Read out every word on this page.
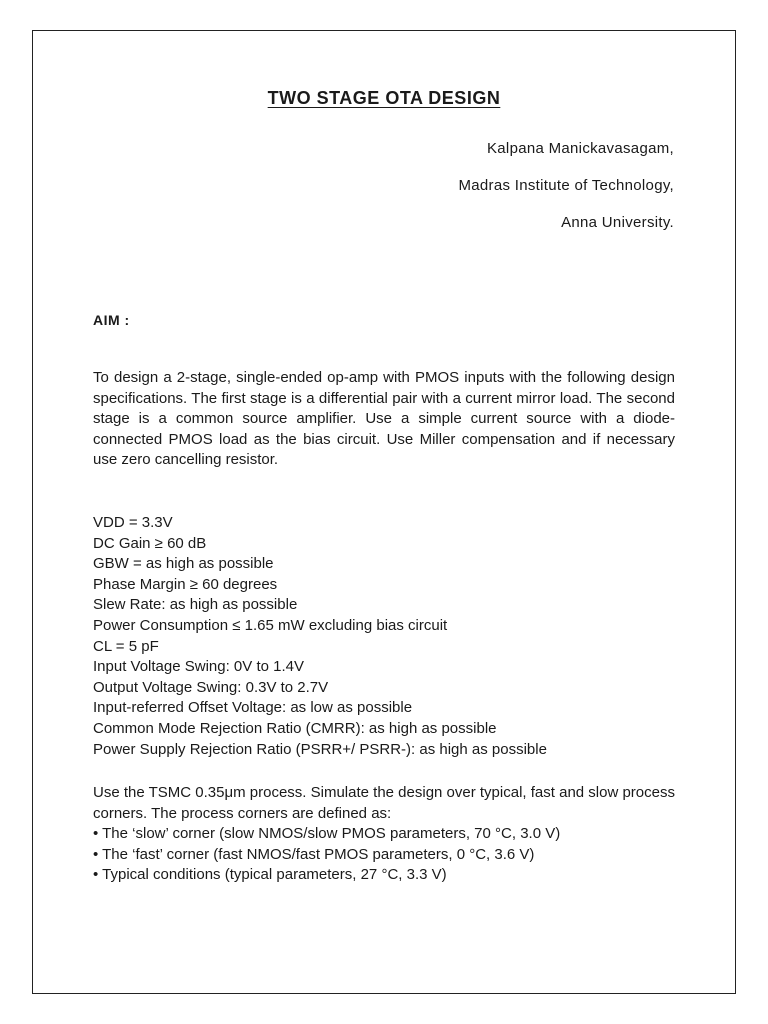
TWO STAGE OTA DESIGN
Kalpana Manickavasagam,
Madras Institute of Technology,
Anna University.
AIM :

To design a 2-stage, single-ended op-amp with PMOS inputs with the following design specifications. The first stage is a differential pair with a current mirror load. The second stage is a common source amplifier. Use a simple current source with a diode-connected PMOS load as the bias circuit. Use Miller compensation and if necessary use zero cancelling resistor.

VDD = 3.3V
DC Gain ≥ 60 dB
GBW = as high as possible
Phase Margin ≥ 60 degrees
Slew Rate: as high as possible
Power Consumption ≤ 1.65 mW excluding bias circuit
CL = 5 pF
Input Voltage Swing: 0V to 1.4V
Output Voltage Swing: 0.3V to 2.7V
Input-referred Offset Voltage: as low as possible
Common Mode Rejection Ratio (CMRR): as high as possible
Power Supply Rejection Ratio (PSRR+/ PSRR-): as high as possible

Use the TSMC 0.35μm process. Simulate the design over typical, fast and slow process corners. The process corners are defined as:

• The ‘slow’ corner (slow NMOS/slow PMOS parameters, 70 °C, 3.0 V)
• The ‘fast’ corner (fast NMOS/fast PMOS parameters, 0 °C, 3.6 V)
• Typical conditions (typical parameters, 27 °C, 3.3 V)
